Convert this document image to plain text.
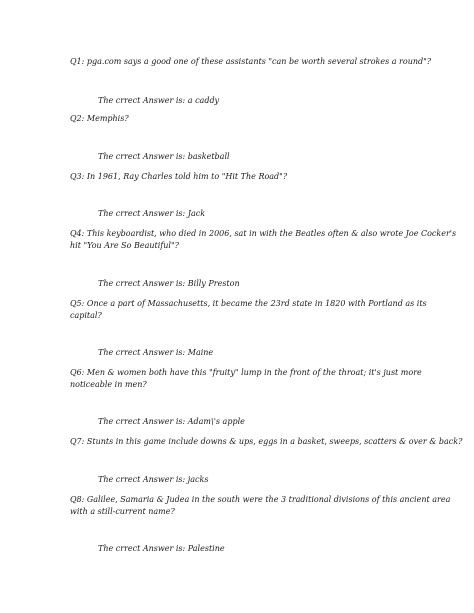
Q1: pga.com says a good one of these assistants "can be worth several strokes a round"?
The crrect Answer is: a caddy
Q2: Memphis?
The crrect Answer is: basketball
Q3: In 1961, Ray Charles told him to "Hit The Road"?
The crrect Answer is: Jack
Q4: This keyboardist, who died in 2006, sat in with the Beatles often & also wrote Joe Cocker's
hit "You Are So Beautiful"?
The crrect Answer is: Billy Preston
Q5: Once a part of Massachusetts, it became the 23rd state in 1820 with Portland as its
capital?
The crrect Answer is: Maine
Q6: Men & women both have this "fruity" lump in the front of the throat; it's just more
noticeable in men?
The crrect Answer is: Adam\'s apple
Q7: Stunts in this game include downs & ups, eggs in a basket, sweeps, scatters & over & back?
The crrect Answer is: jacks
Q8: Galilee, Samaria & Judea in the south were the 3 traditional divisions of this ancient area
with a still-current name?
The crrect Answer is: Palestine
